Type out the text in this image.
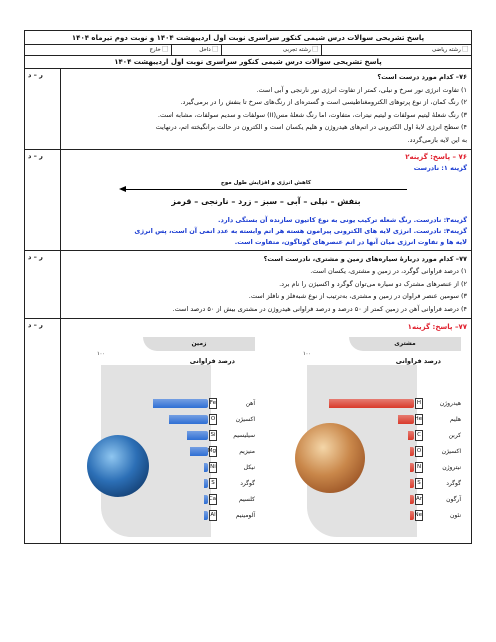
پاسخ تشریحی سوالات درس شیمی کنکور سراسری نوبت اول اردیبهشت ۱۴۰۴ و نوبت دوم تیرماه ۱۴۰۴
⃞ رشته ریاضی
⃞ رشته تجربی
⃞ داخل
⃞ خارج
پاسخ تشریحی سوالات درس شیمی کنکور سراسری نوبت اول اردیبهشت ۱۴۰۴
۷۶– کدام مورد درست است؟
۱) تفاوت انرژی نور سرخ و نیلی، کمتر از تفاوت انرژی نور نارنجی و آبی است.
۲) رنگ کمان، از نوع پرتوهای الکترومغناطیسی است و گستره‌ای از رنگ‌های سرخ تا بنفش را در برمی‌گیرد.
۳) رنگ شعلهٔ لیتیم سولفات و لیتیم نیترات، متفاوت، اما رنگ شعلهٔ مس(II) سولفات و سدیم سولفات، مشابه است.
۴) سطح انرژی لایهٔ اول الکترونی در اتم‌های هیدروژن و هلیم یکسان است و الکترون در حالت برانگیخته اتم، درنهایت
به این لایه بازمی‌گردد.
ر – د
۷۶ – پاسخ: گزینه۲
گزینه ۱: نادرست
کاهش انرژی و افزایش طول موج
بنفش – نیلی – آبی – سبز – زرد – نارنجی – قرمز
گزینه۳: نادرست. رنگ شعله ترکیب یونی به نوع کاتیون سازنده آن بستگی دارد.
گزینه۴: نادرست. انرژی لایه های الکترونی پیرامون هسته هر اتم وابسته به عدد اتمی آن است، پس انرژی
لایه ها و تفاوت انرژی میان آنها در اتم عنصرهای گوناگون، متفاوت است.
ر – د
۷۷– کدام مورد دربارهٔ سیاره‌های زمین و مشتری، نادرست است؟
۱) درصد فراوانی گوگرد، در زمین و مشتری، یکسان است.
۲) از عنصرهای مشترک دو سیاره می‌توان گوگرد و اکسیژن را نام برد.
۳) سومین عنصر فراوان در زمین و مشتری، به‌ترتیب از نوع شبه‌فلز و نافلز است.
۴) درصد فراوانی آهن در زمین کمتر از ۵۰ درصد و درصد فراوانی هیدروژن در مشتری بیش از ۵۰ درصد است.
ر – د
۷۷– پاسخ: گزینه۱
مشتری
۱۰۰
درصد فراوانی
هیدروژن
H
هلیم
He
کربن
C
اکسیژن
O
نیتروژن
N
گوگرد
S
آرگون
Ar
نئون
Ne
زمین
۱۰۰
درصد فراوانی
آهن
Fe
اکسیژن
O
سیلیسیم
Si
منیزیم
Mg
نیکل
Ni
گوگرد
S
کلسیم
Ca
آلومینیم
Al
ر – د
